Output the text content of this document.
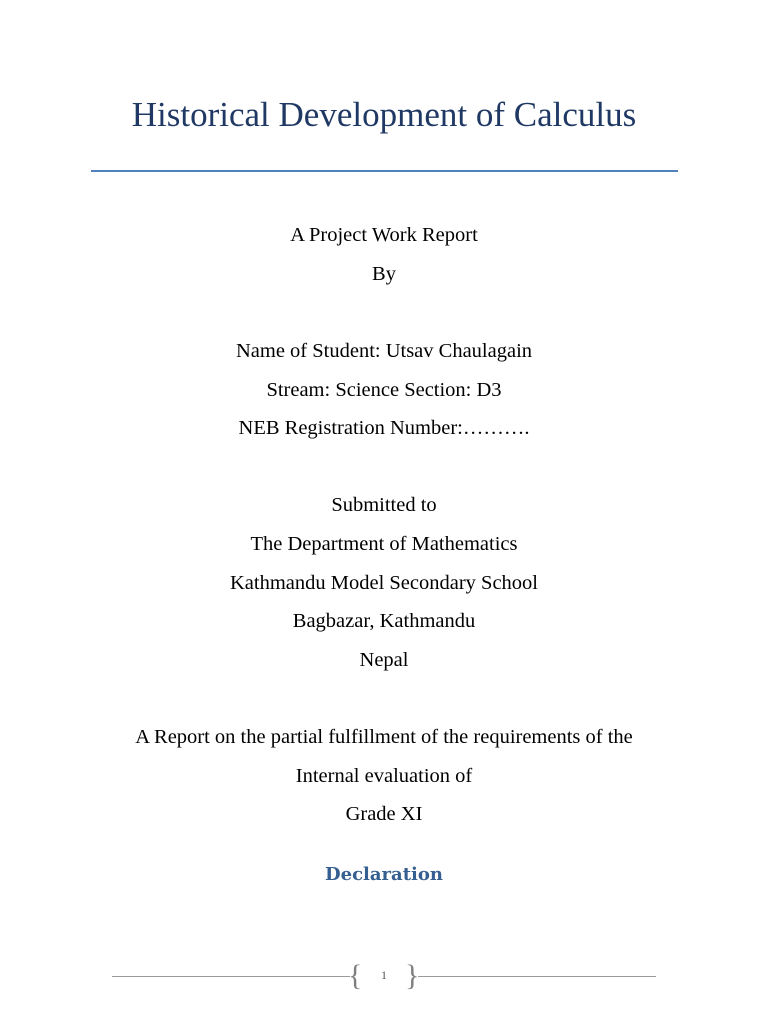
Historical Development of Calculus
A Project Work Report
By
Name of Student: Utsav Chaulagain
Stream: Science Section: D3
NEB Registration Number:……….
Submitted to
The Department of Mathematics
Kathmandu Model Secondary School
Bagbazar, Kathmandu
Nepal
A Report on the partial fulfillment of the requirements of the
Internal evaluation of
Grade XI
Declaration
{	1 }
